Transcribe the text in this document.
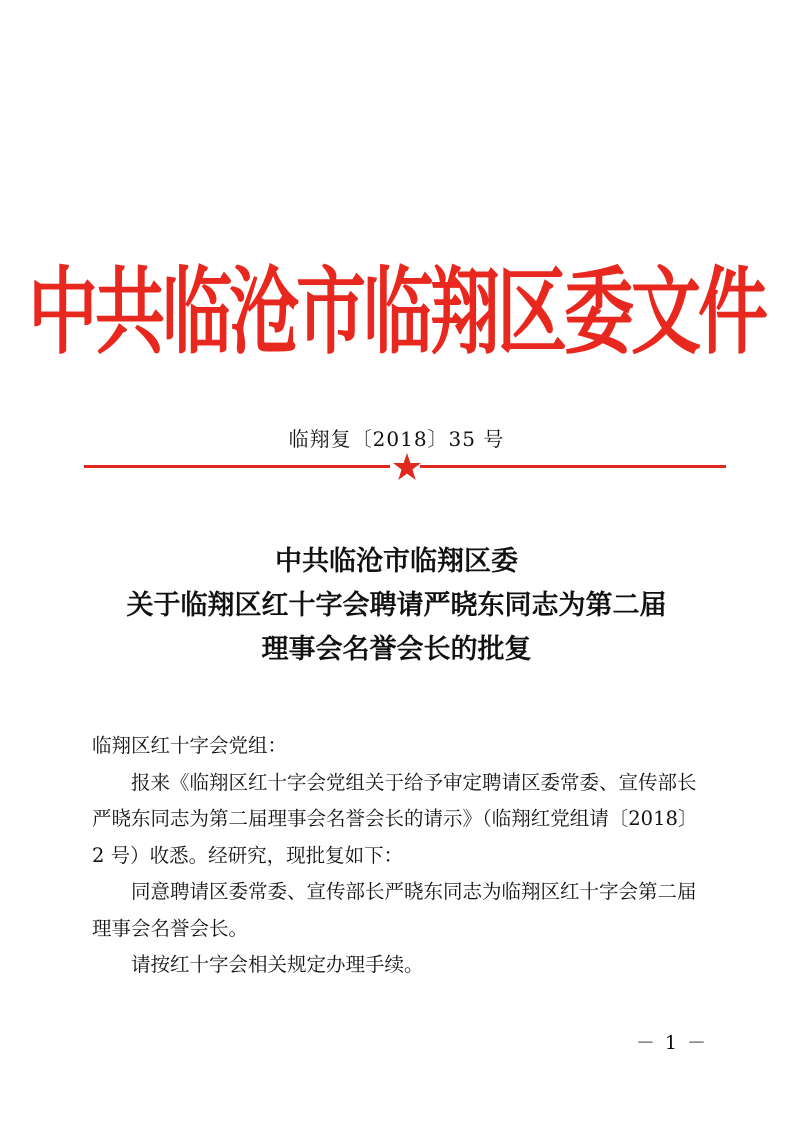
中共临沧市临翔区委文件
临翔复〔2018〕35 号
中共临沧市临翔区委
关于临翔区红十字会聘请严晓东同志为第二届
理事会名誉会长的批复

临翔区红十字会党组：

报来《临翔区红十字会党组关于给予审定聘请区委常委、宣传部长严晓东同志为第二届理事会名誉会长的请示》（临翔红党组请〔2018〕2 号）收悉。经研究，现批复如下：

同意聘请区委常委、宣传部长严晓东同志为临翔区红十字会第二届理事会名誉会长。

请按红十字会相关规定办理手续。

－ 1 －
